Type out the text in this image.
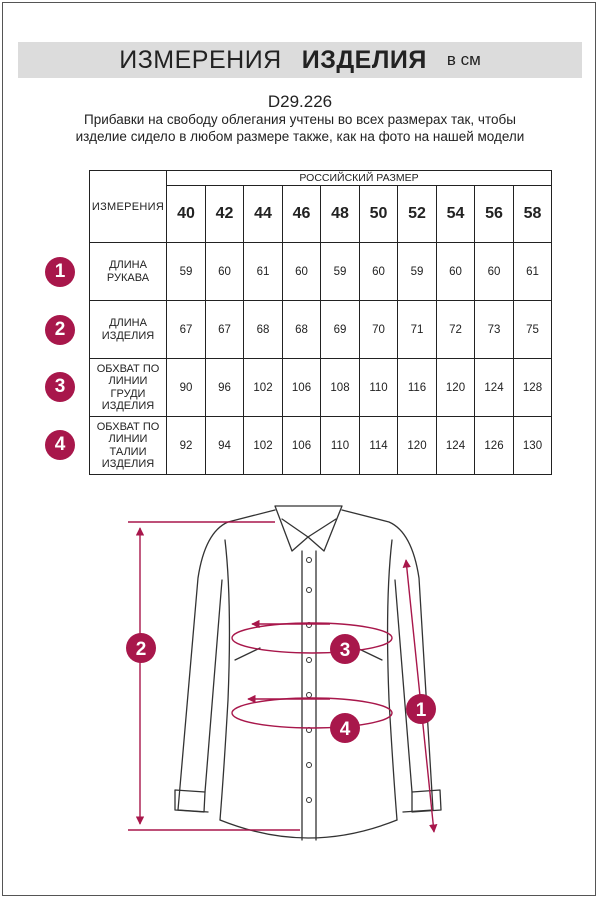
ИЗМЕРЕНИЯ ИЗДЕЛИЯ в см
D29.226
Прибавки на свободу облегания учтены во всех размерах так, чтобы изделие сидело в любом размере также, как на фото на нашей модели
ИЗМЕРЕНИЯ	РОССИЙСКИЙ РАЗМЕР									
	40	42	44	46	48	50	52	54	56	58
ДЛИНА РУКАВА	59	60	61	60	59	60	59	60	60	61
ДЛИНА ИЗДЕЛИЯ	67	67	68	68	69	70	71	72	73	75
ОБХВАТ ПО ЛИНИИ ГРУДИ ИЗДЕЛИЯ	90	96	102	106	108	110	116	120	124	128
ОБХВАТ ПО ЛИНИИ ТАЛИИ ИЗДЕЛИЯ	92	94	102	106	110	114	120	124	126	130
1
2
3
4
2
1
3
4
